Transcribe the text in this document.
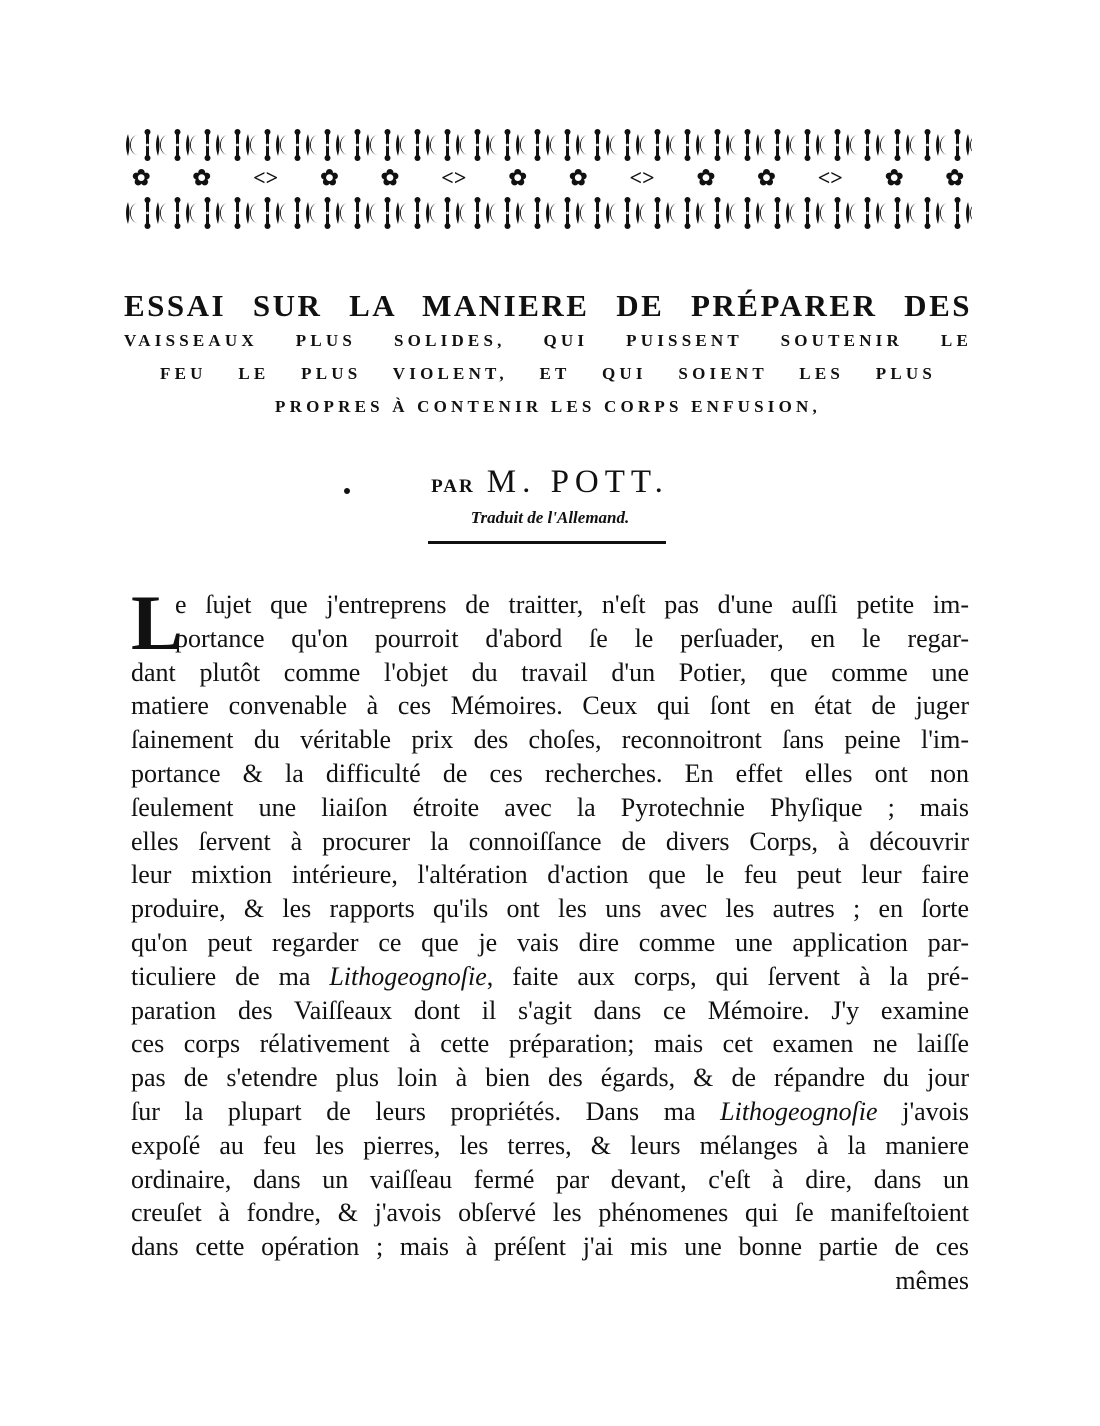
✿ ✿ <> ✿ ✿ <> ✿ ✿ <> ✿ ✿ <> ✿ ✿

ESSAI SUR LA MANIERE DE PRÉPARER DES

VAISSEAUX PLUS SOLIDES, QUI PUISSENT SOUTENIR LE

FEU LE PLUS VIOLENT, ET QUI SOIENT LES PLUS

PROPRES À CONTENIR LES CORPS ENFUSION,

PAR M. POTT.
Traduit de l'Allemand.
L
e ſujet que j'entreprens de traitter, n'eſt pas d'une auſſi petite im-
portance qu'on pourroit d'abord ſe le perſuader, en le regar-
dant plutôt comme l'objet du travail d'un Potier, que comme une
matiere convenable à ces Mémoires. Ceux qui ſont en état de juger
ſainement du véritable prix des choſes, reconnoitront ſans peine l'im-
portance & la difficulté de ces recherches. En effet elles ont non
ſeulement une liaiſon étroite avec la Pyrotechnie Phyſique ; mais
elles ſervent à procurer la connoiſſance de divers Corps, à découvrir
leur mixtion intérieure, l'altération d'action que le feu peut leur faire
produire, & les rapports qu'ils ont les uns avec les autres ; en ſorte
qu'on peut regarder ce que je vais dire comme une application par-
ticuliere de ma Lithogeognoſie, faite aux corps, qui ſervent à la pré-
paration des Vaiſſeaux dont il s'agit dans ce Mémoire. J'y examine
ces corps rélativement à cette préparation; mais cet examen ne laiſſe
pas de s'etendre plus loin à bien des égards, & de répandre du jour
ſur la plupart de leurs propriétés. Dans ma Lithogeognoſie j'avois
expoſé au feu les pierres, les terres, & leurs mélanges à la maniere
ordinaire, dans un vaiſſeau fermé par devant, c'eſt à dire, dans un
creuſet à fondre, & j'avois obſervé les phénomenes qui ſe manifeſtoient
dans cette opération ; mais à préſent j'ai mis une bonne partie de ces
mêmes
